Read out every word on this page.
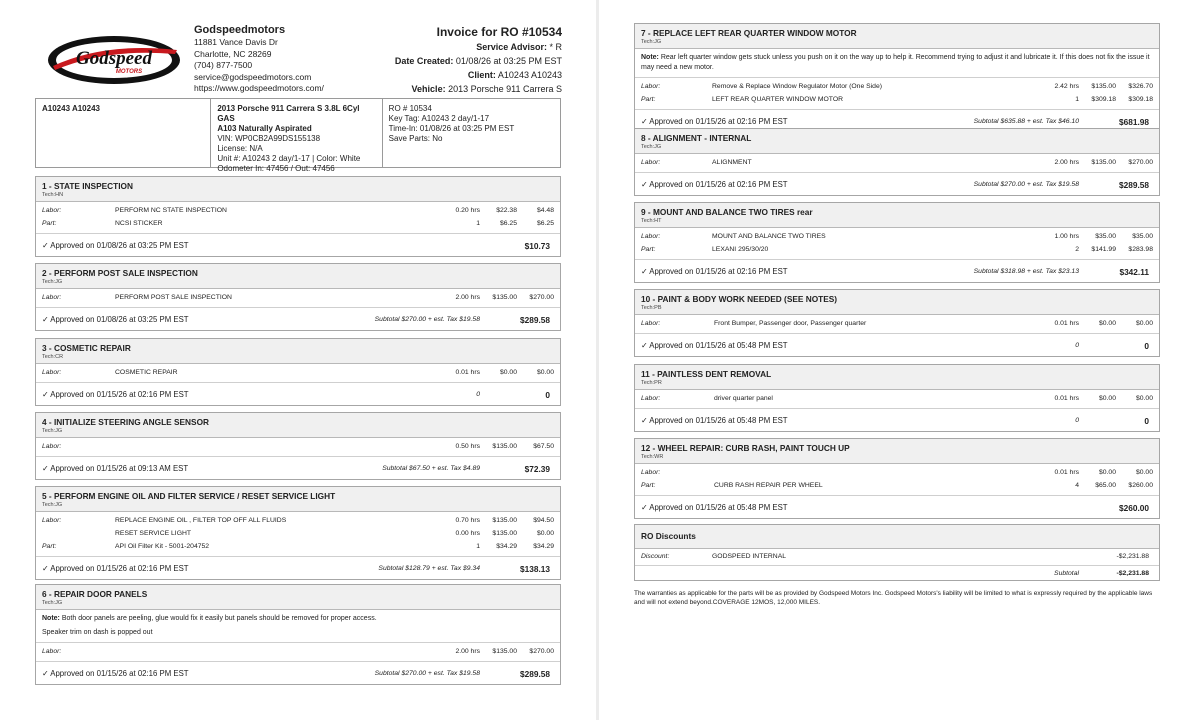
Godspeed
MOTORS
Godspeedmotors
11881 Vance Davis Dr
Charlotte, NC 28269
(704) 877-7500
service@godspeedmotors.com
https://www.godspeedmotors.com/
Invoice for RO #10534
Service Advisor: * R
Date Created: 01/08/26 at 03:25 PM EST
Client: A10243 A10243
Vehicle: 2013 Porsche 911 Carrera S
A10243 A10243	2013 Porsche 911 Carrera S 3.8L 6Cyl GAS
A103 Naturally Aspirated
VIN: WP0CB2A99DS155138
License: N/A
Unit #: A10243 2 day/1-17 | Color: White
Odometer In: 47456 / Out: 47456
RO # 10534
Key Tag: A10243 2 day/1-17
Time-In: 01/08/26 at 03:25 PM EST
Save Parts: No
1 - STATE INSPECTION
Tech:HN
Labor:	PERFORM NC STATE INSPECTION	0.20 hrs $22.38	$4.48
Part:	NCSI STICKER	1	$6.25	$6.25
✓ Approved on 01/08/26 at 03:25 PM EST	$10.73
2 - PERFORM POST SALE INSPECTION
Tech:JG
Labor:	PERFORM POST SALE INSPECTION	2.00 hrs $135.00 $270.00
✓ Approved on 01/08/26 at 03:25 PM EST	Subtotal $270.00 + est. Tax $19.58	$289.58
3 - COSMETIC REPAIR
Tech:CR
Labor:	COSMETIC REPAIR	0.01 hrs	$0.00	$0.00
✓ Approved on 01/15/26 at 02:16 PM EST	0	0
4 - INITIALIZE STEERING ANGLE SENSOR
Tech:JG
Labor:	0.50 hrs $135.00 $67.50
✓ Approved on 01/15/26 at 09:13 AM EST	Subtotal $67.50 + est. Tax $4.89	$72.39
5 - PERFORM ENGINE OIL AND FILTER SERVICE / RESET SERVICE LIGHT
Tech:JG
Labor:	REPLACE ENGINE OIL , FILTER TOP OFF ALL FLUIDS	0.70 hrs $135.00 $94.50
RESET SERVICE LIGHT	0.00 hrs $135.00	$0.00
Part:	API Oil Filter Kit - 5001-204752	1 $34.29 $34.29
✓ Approved on 01/15/26 at 02:16 PM EST	Subtotal $128.79 + est. Tax $9.34	$138.13
6 - REPAIR DOOR PANELS
Tech:JG
Note: Both door panels are peeling, glue would fix it easily but panels should be removed for proper access.
Speaker trim on dash is popped out
Labor:	2.00 hrs $135.00 $270.00
✓ Approved on 01/15/26 at 02:16 PM EST	Subtotal $270.00 + est. Tax $19.58	$289.58
7 - REPLACE LEFT REAR QUARTER WINDOW MOTOR
Tech:JG
Note: Rear left quarter window gets stuck unless you push on it on the way up to help it. Recommend trying to adjust it and lubricate it. If this does not fix the issue it may need a new motor.
Labor:	Remove & Replace Window Regulator Motor (One Side)	2.42 hrs $135.00 $326.70
Part:	LEFT REAR QUARTER WINDOW MOTOR	1 $309.18 $309.18
✓ Approved on 01/15/26 at 02:16 PM EST	Subtotal $635.88 + est. Tax $46.10	$681.98
8 - ALIGNMENT - INTERNAL
Tech:JG
Labor:	ALIGNMENT	2.00 hrs $135.00 $270.00
✓ Approved on 01/15/26 at 02:16 PM EST	Subtotal $270.00 + est. Tax $19.58	$289.58
9 - MOUNT AND BALANCE TWO TIRES rear
Tech:HT
Labor:	MOUNT AND BALANCE TWO TIRES	1.00 hrs $35.00 $35.00
Part:	LEXANI 295/30/20	2 $141.99 $283.98
✓ Approved on 01/15/26 at 02:16 PM EST	Subtotal $318.98 + est. Tax $23.13	$342.11
10 - PAINT & BODY WORK NEEDED (SEE NOTES)
Tech:PB
Labor:	Front Bumper, Passenger door, Passenger quarter	0.01 hrs	$0.00	$0.00
✓ Approved on 01/15/26 at 05:48 PM EST	0	0
11 - PAINTLESS DENT REMOVAL
Tech:PR
Labor:	driver quarter panel	0.01 hrs	$0.00	$0.00
✓ Approved on 01/15/26 at 05:48 PM EST	0	0
12 - WHEEL REPAIR: CURB RASH, PAINT TOUCH UP
Tech:WR
Labor:	0.01 hrs	$0.00	$0.00
Part:	CURB RASH REPAIR PER WHEEL	4 $65.00 $260.00
✓ Approved on 01/15/26 at 05:48 PM EST	$260.00
RO Discounts
Discount:	GODSPEED INTERNAL	-$2,231.88
Subtotal	-$2,231.88
The warranties as applicable for the parts will be as provided by Godspeed Motors Inc. Godspeed Motors's liability will be limited to what is expressly required by the applicable laws and will not extend beyond.COVERAGE 12MOS, 12,000 MILES.
